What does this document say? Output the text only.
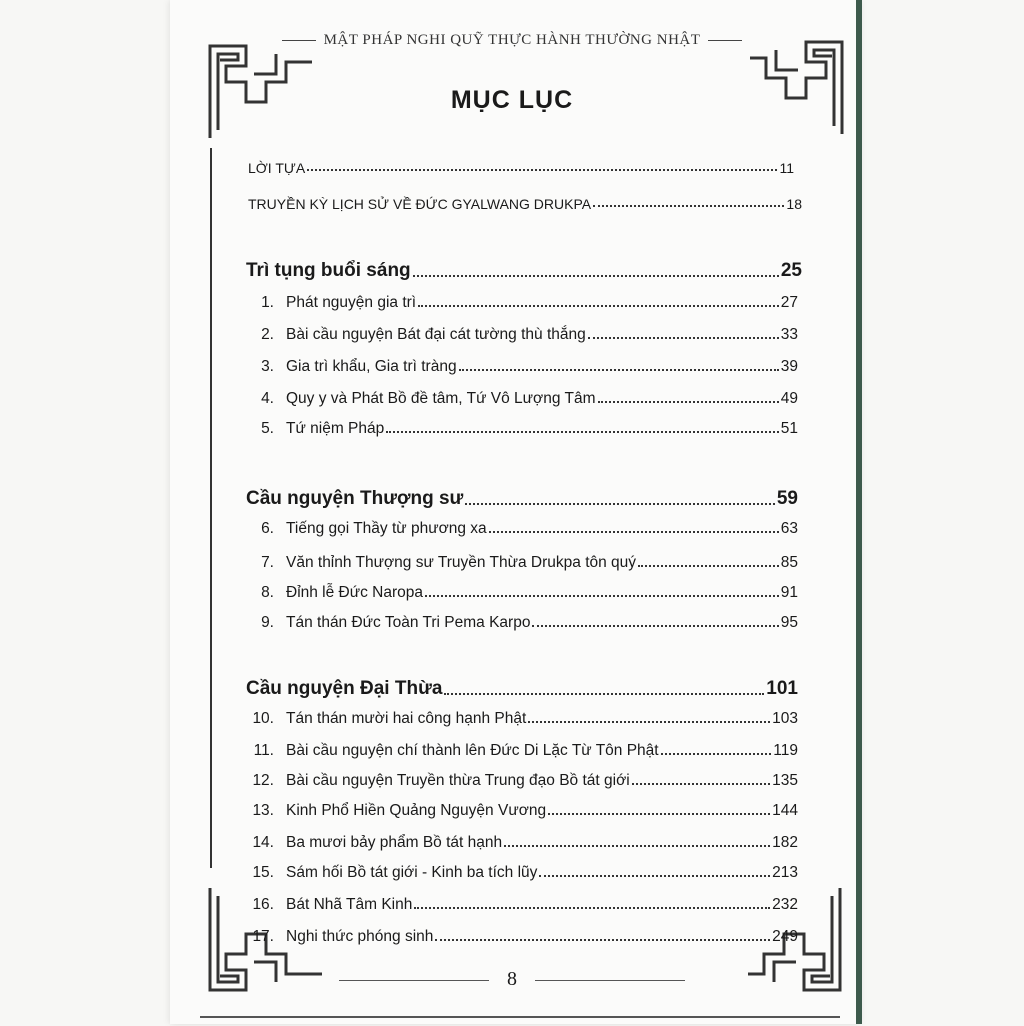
MẬT PHÁP NGHI QUỸ THỰC HÀNH THƯỜNG NHẬT
MỤC LỤC
LỜI TỰA	11
TRUYỀN KỲ LỊCH SỬ VỀ ĐỨC GYALWANG DRUKPA	18
Trì tụng buổi sáng	25
1. Phát nguyện gia trì	27
2. Bài cầu nguyện Bát đại cát tường thù thắng	33
3. Gia trì khẩu, Gia trì tràng	39
4. Quy y và Phát Bồ đề tâm, Tứ Vô Lượng Tâm	49
5. Tứ niệm Pháp	51
Cầu nguyện Thượng sư	59
6. Tiếng gọi Thầy từ phương xa	63
7. Văn thỉnh Thượng sư Truyền Thừa Drukpa tôn quý	85
8. Đỉnh lễ Đức Naropa	91
9. Tán thán Đức Toàn Tri Pema Karpo	95
Cầu nguyện Đại Thừa	101
10. Tán thán mười hai công hạnh Phật	103
11. Bài cầu nguyện chí thành lên Đức Di Lặc Từ Tôn Phật	119
12. Bài cầu nguyện Truyền thừa Trung đạo Bồ tát giới	135
13. Kinh Phổ Hiền Quảng Nguyện Vương	144
14. Ba mươi bảy phẩm Bồ tát hạnh	182
15. Sám hối Bồ tát giới - Kinh ba tích lũy	213
16. Bát Nhã Tâm Kinh	232
17. Nghi thức phóng sinh	249
8
